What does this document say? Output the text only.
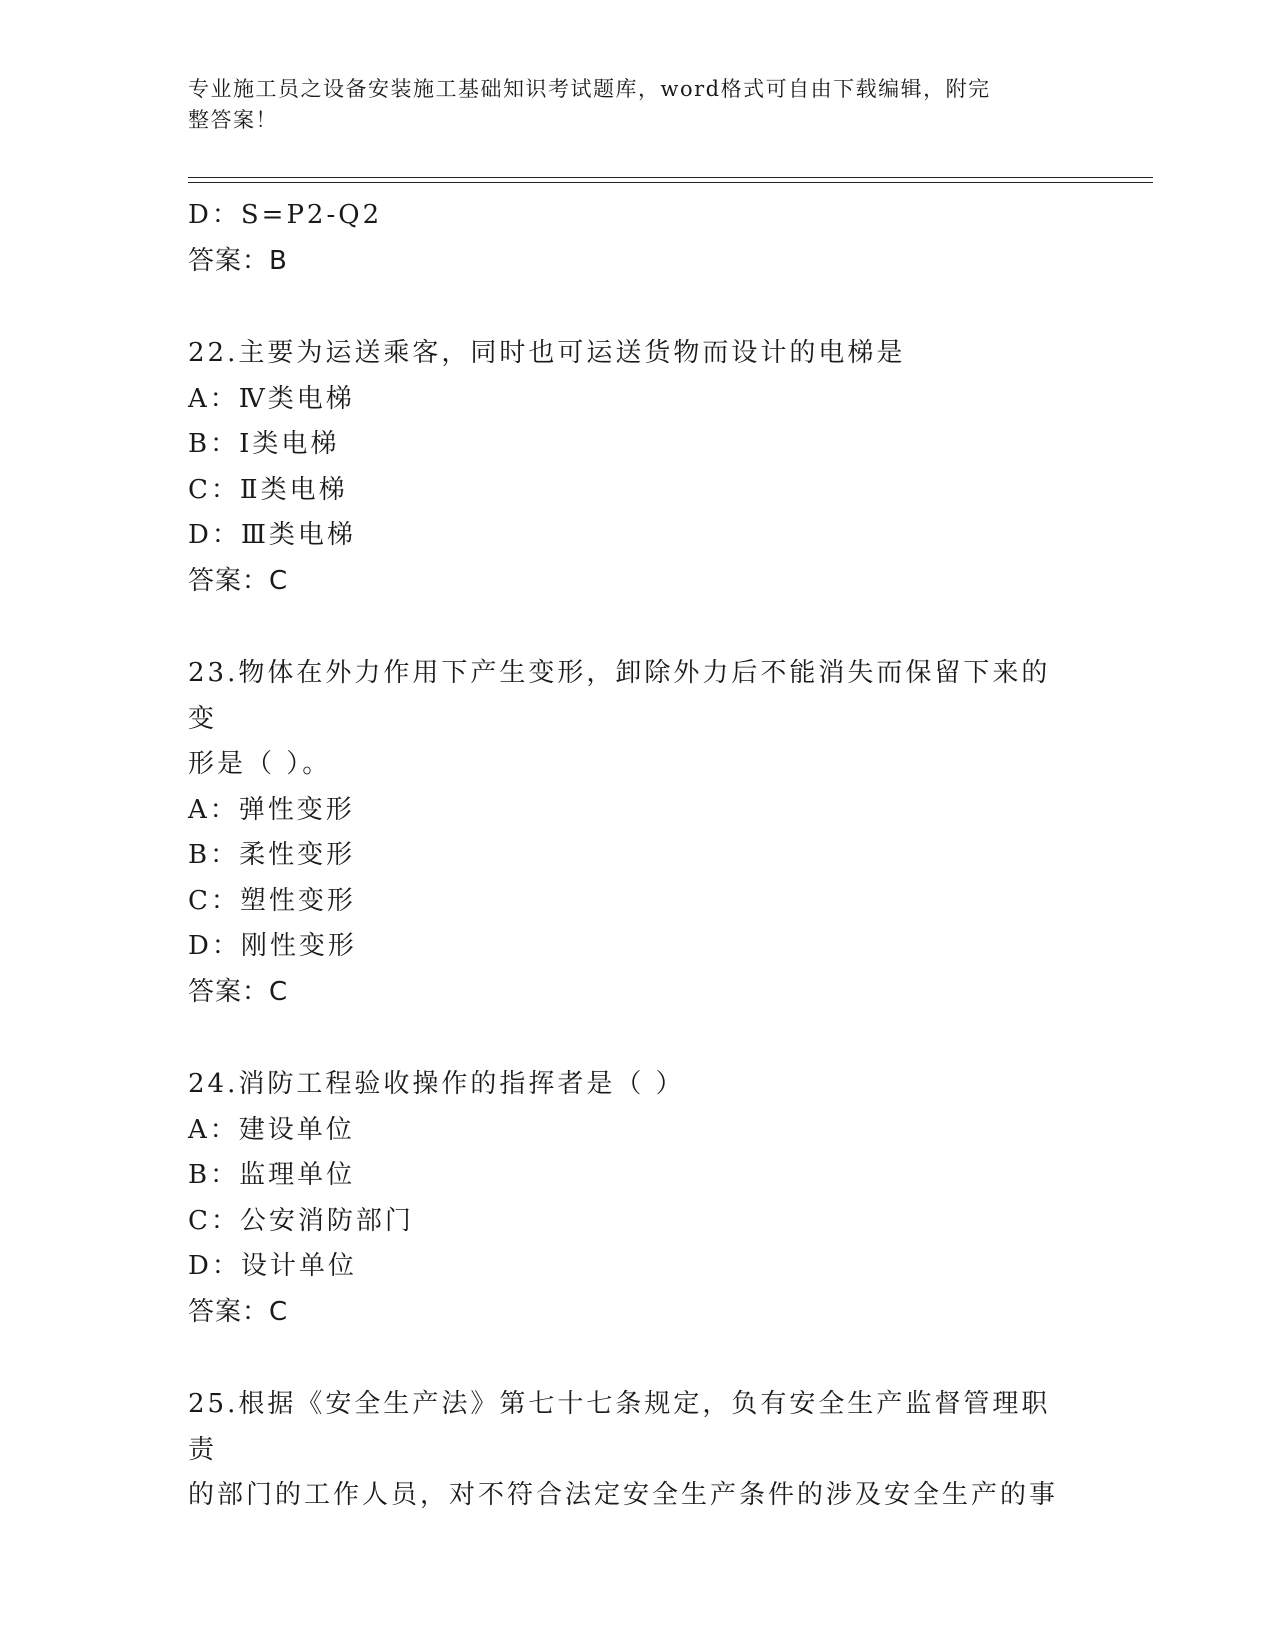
专业施工员之设备安装施工基础知识考试题库，word格式可自由下载编辑，附完
整答案！
D：S=P2-Q2
答案：B
22.主要为运送乘客，同时也可运送货物而设计的电梯是
A：Ⅳ类电梯
B：Ⅰ类电梯
C：Ⅱ类电梯
D：Ⅲ类电梯
答案：C
23.物体在外力作用下产生变形，卸除外力后不能消失而保留下来的变
形是（ ）。
A：弹性变形
B：柔性变形
C：塑性变形
D：刚性变形
答案：C
24.消防工程验收操作的指挥者是（ ）
A：建设单位
B：监理单位
C：公安消防部门
D：设计单位
答案：C
25.根据《安全生产法》第七十七条规定，负有安全生产监督管理职责
的部门的工作人员，对不符合法定安全生产条件的涉及安全生产的事
